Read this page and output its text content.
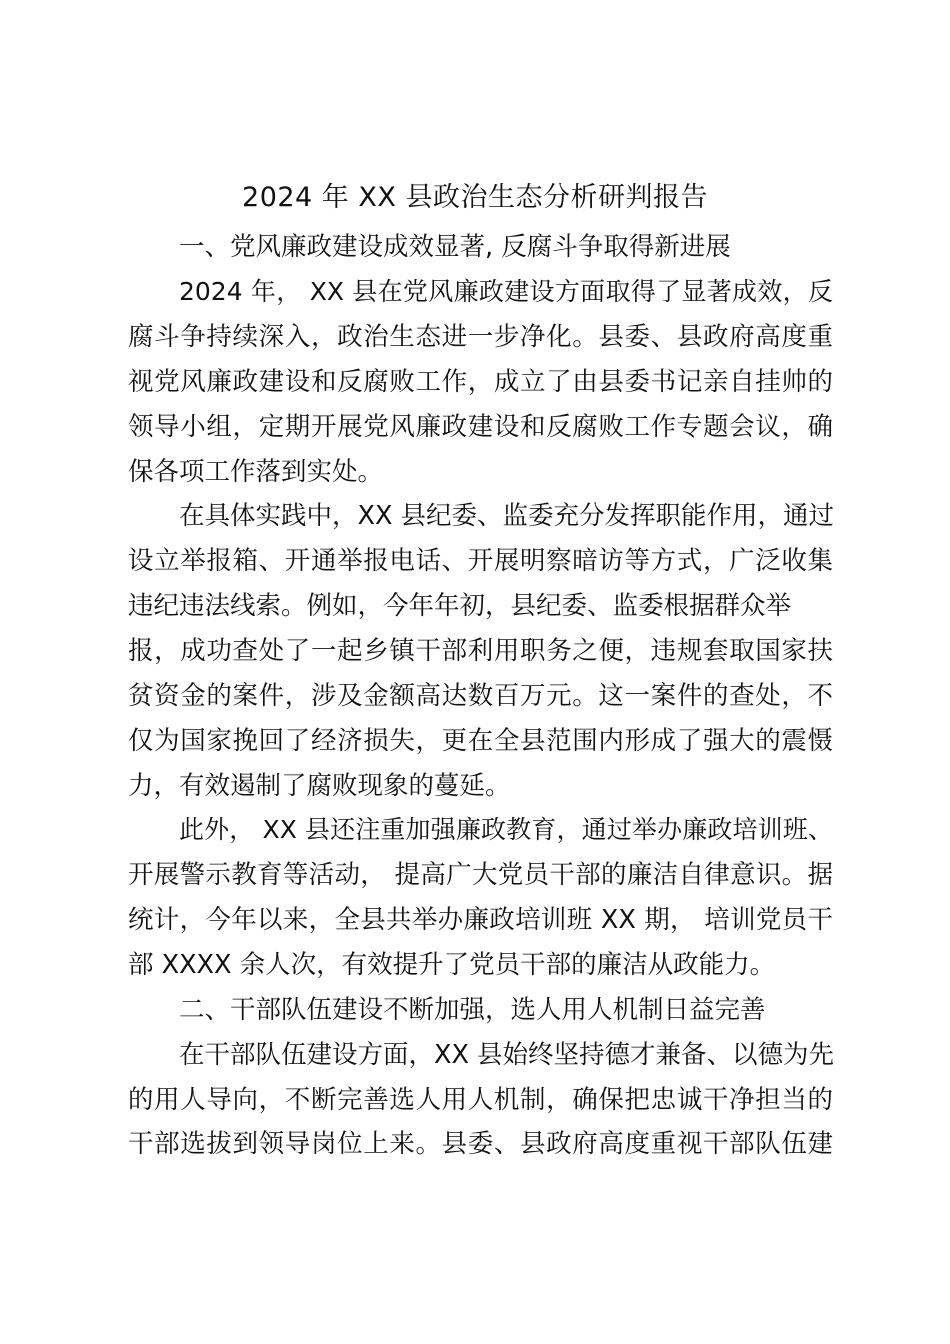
2024 年 XX 县政治生态分析研判报告
一、党风廉政建设成效显著, 反腐斗争取得新进展
2024 年， XX 县在党风廉政建设方面取得了显著成效，反
腐斗争持续深入，政治生态进一步净化。县委、县政府高度重
视党风廉政建设和反腐败工作，成立了由县委书记亲自挂帅的
领导小组，定期开展党风廉政建设和反腐败工作专题会议，确
保各项工作落到实处。
在具体实践中，XX 县纪委、监委充分发挥职能作用，通过
设立举报箱、开通举报电话、开展明察暗访等方式，广泛收集
违纪违法线索。例如，今年年初，县纪委、监委根据群众举
报，成功查处了一起乡镇干部利用职务之便，违规套取国家扶
贫资金的案件，涉及金额高达数百万元。这一案件的查处，不
仅为国家挽回了经济损失，更在全县范围内形成了强大的震慑
力，有效遏制了腐败现象的蔓延。
此外， XX 县还注重加强廉政教育，通过举办廉政培训班、
开展警示教育等活动， 提高广大党员干部的廉洁自律意识。据
统计，今年以来，全县共举办廉政培训班 XX 期， 培训党员干
部 XXXX 余人次，有效提升了党员干部的廉洁从政能力。
二、干部队伍建设不断加强，选人用人机制日益完善
在干部队伍建设方面，XX 县始终坚持德才兼备、以德为先
的用人导向，不断完善选人用人机制，确保把忠诚干净担当的
干部选拔到领导岗位上来。县委、县政府高度重视干部队伍建
